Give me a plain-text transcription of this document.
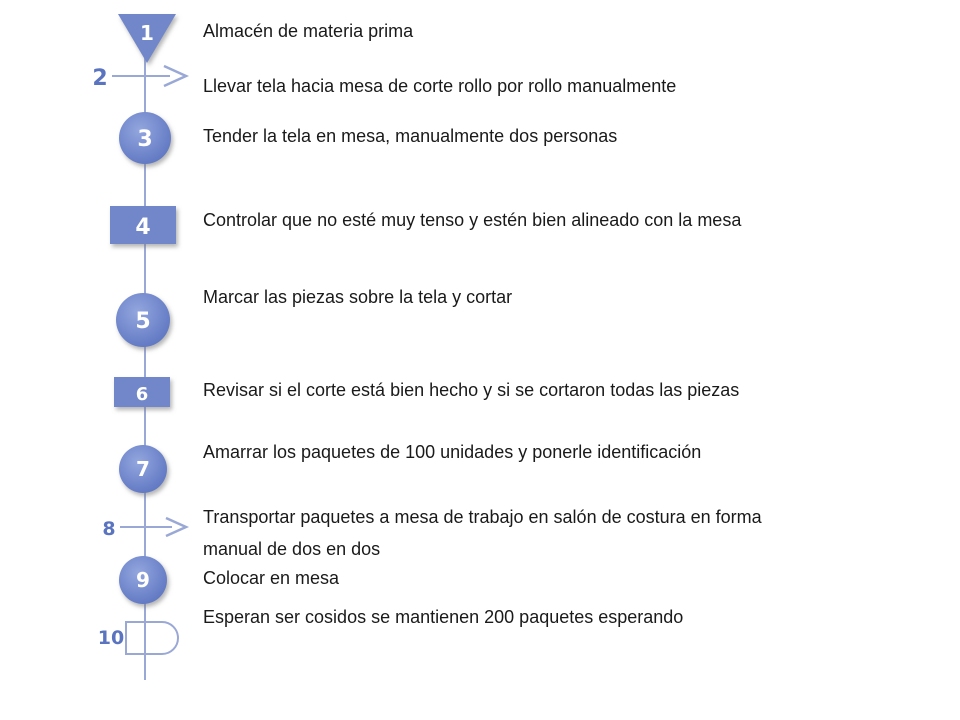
1
2
3
4
5
6
7
8
9
10
Almacén de materia prima
Llevar tela hacia mesa de corte rollo por rollo manualmente
Tender la tela en mesa, manualmente dos personas
Controlar que no esté muy tenso y estén bien alineado con la mesa
Marcar las piezas sobre la tela y cortar
Revisar si el corte está bien hecho y si se cortaron todas las piezas
Amarrar los paquetes de 100 unidades y ponerle identificación
Transportar paquetes a mesa de trabajo en salón de costura en forma
manual de dos en dos
Colocar en mesa
Esperan ser cosidos se mantienen 200 paquetes esperando
